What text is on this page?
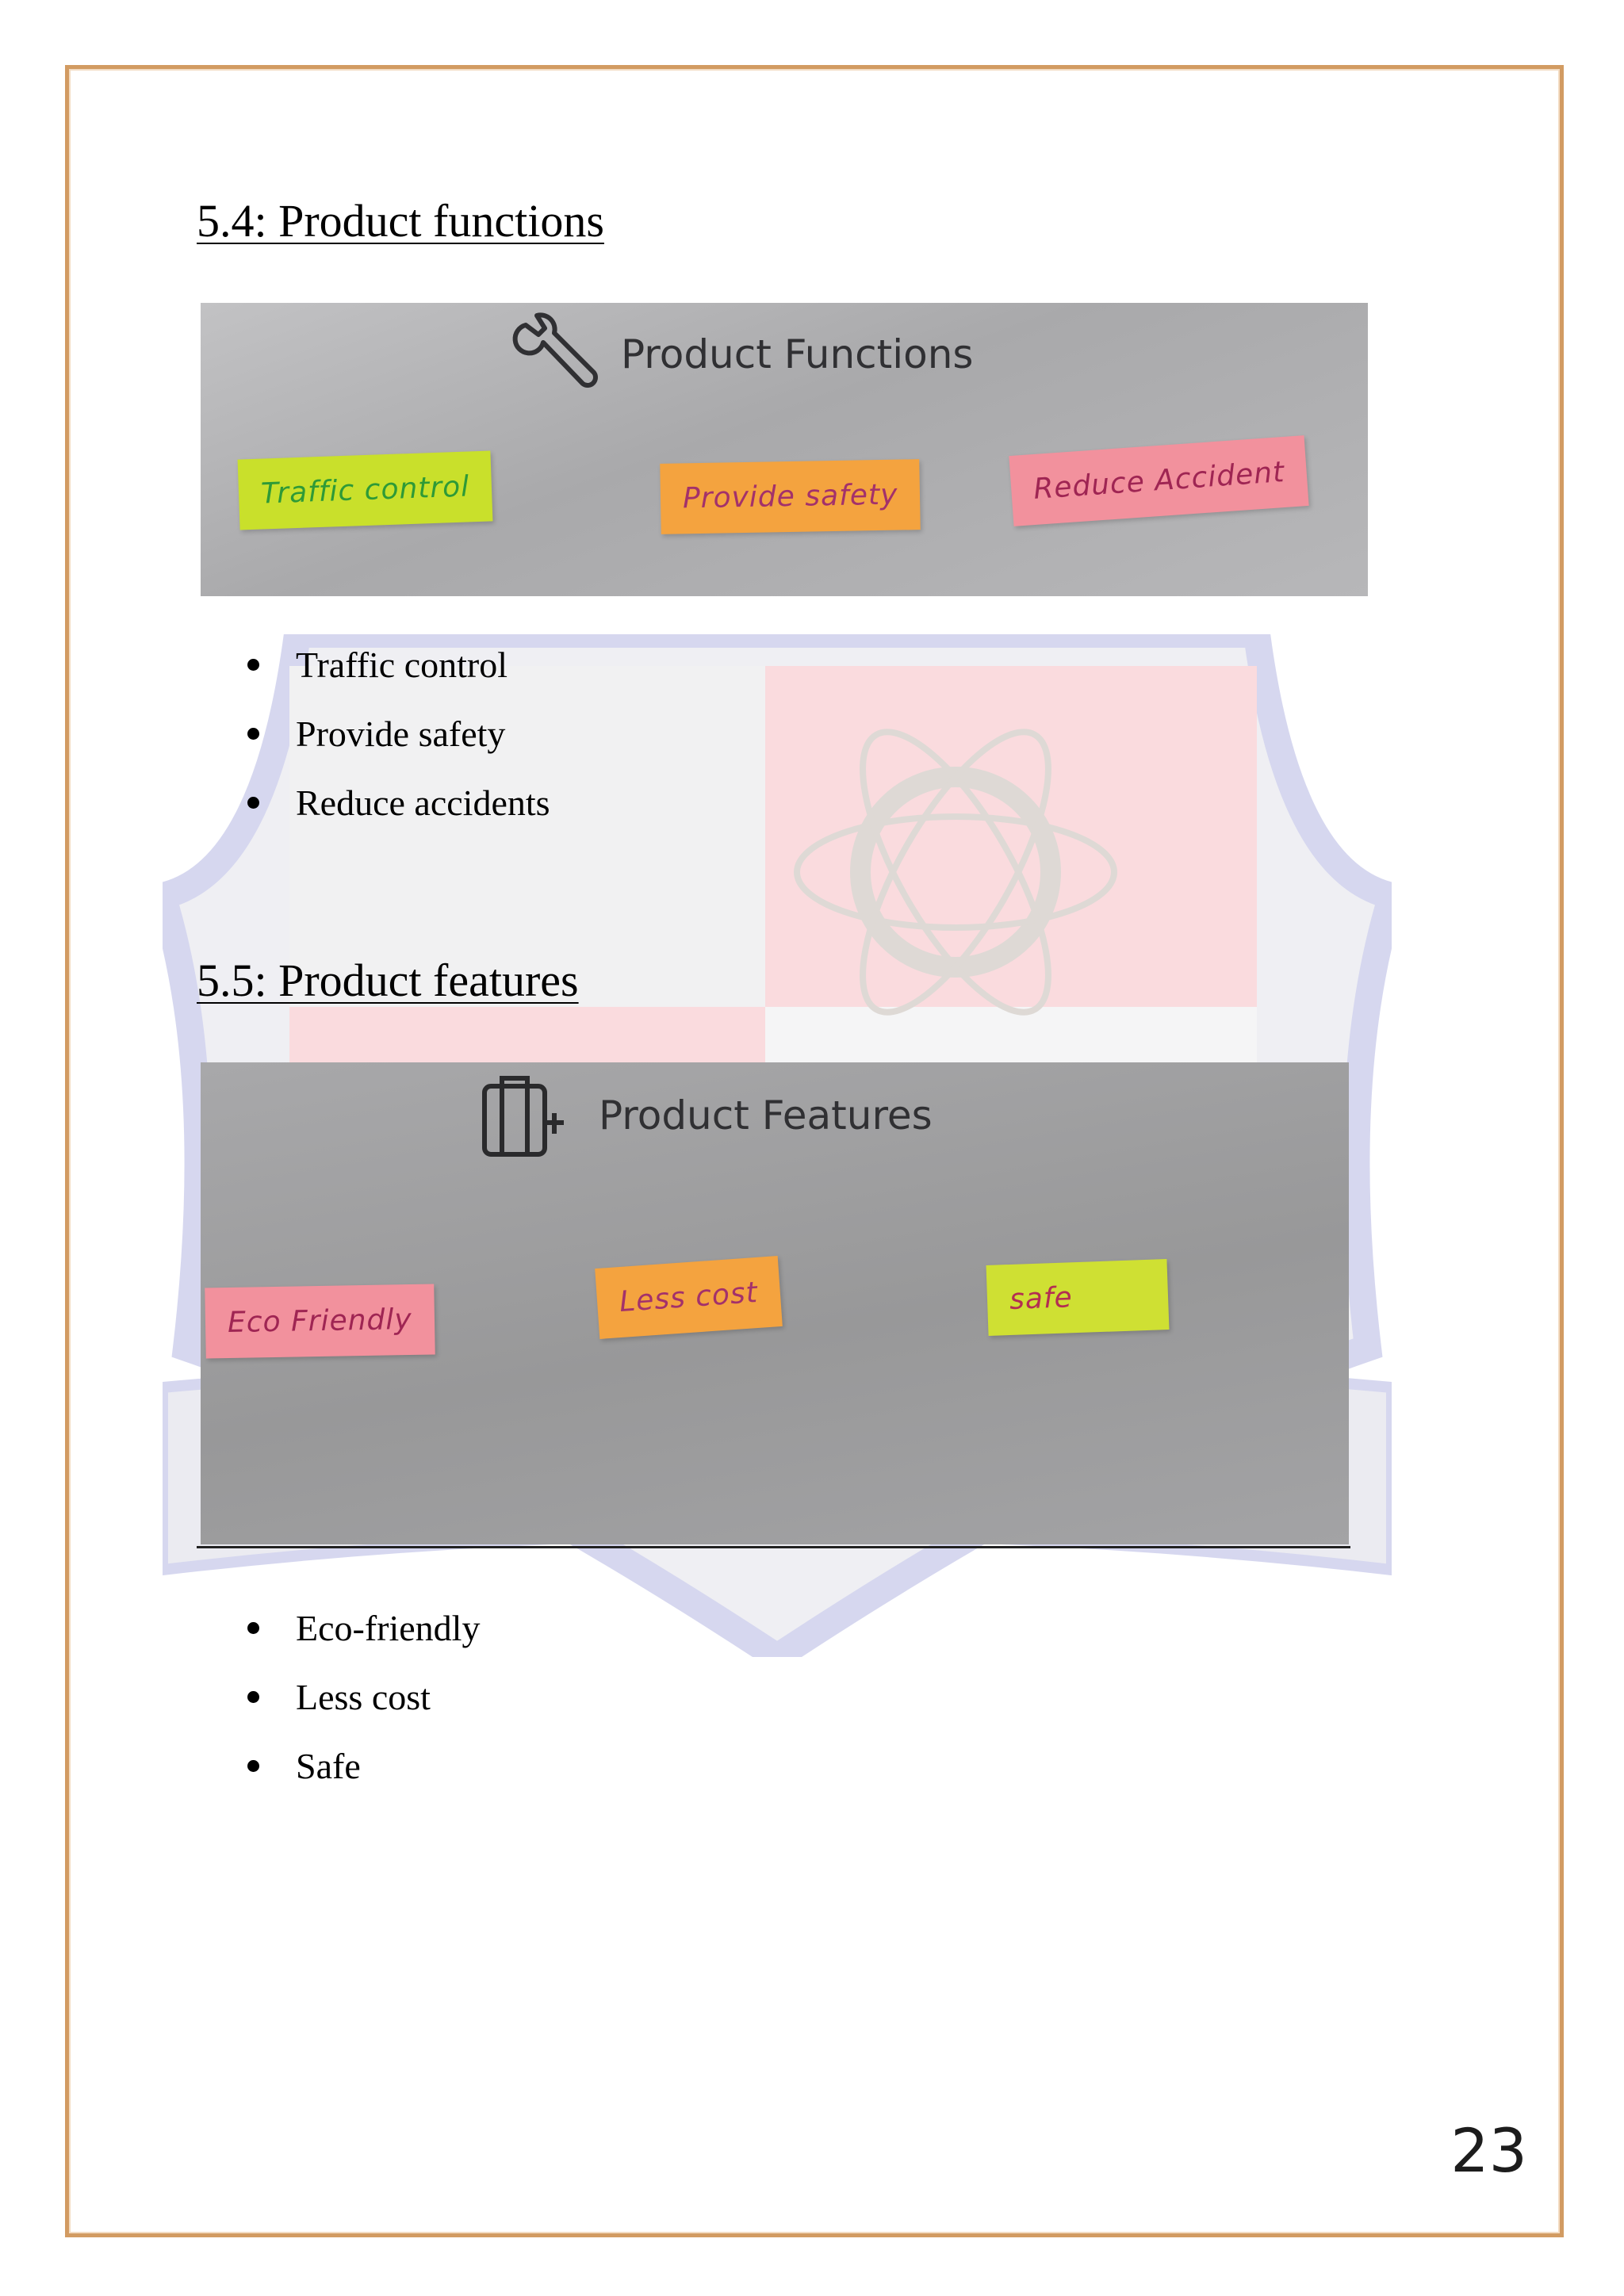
5.4: Product functions
Product Functions
Traffic control	Provide safety	Reduce Accident
Traffic control
Provide safety
Reduce accidents
5.5: Product features
Product Features
Eco Friendly
Less cost	safe
Eco-friendly
Less cost
Safe
23
